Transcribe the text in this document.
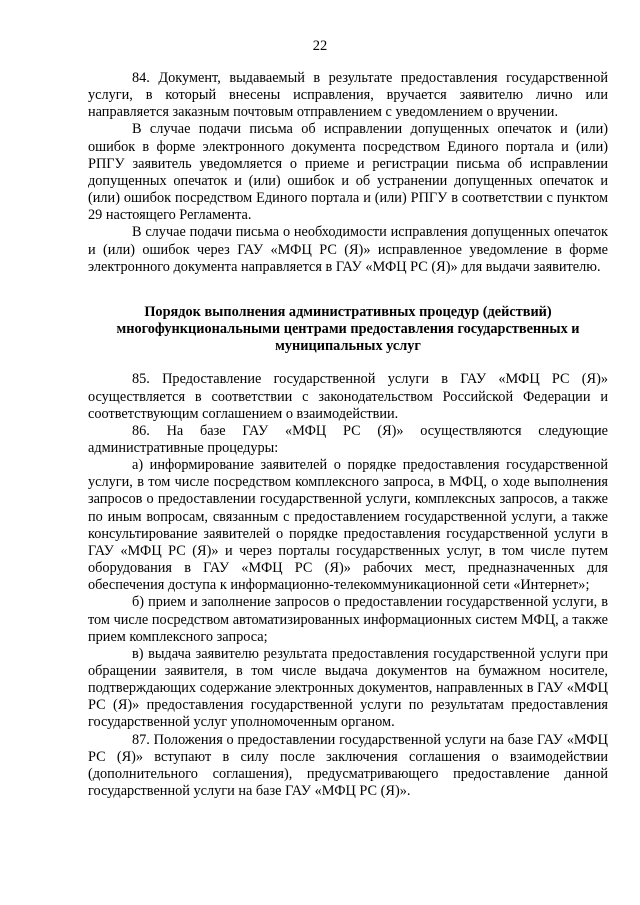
22

84. Документ, выдаваемый в результате предоставления государственной услуги, в который внесены исправления, вручается заявителю лично или направляется заказным почтовым отправлением с уведомлением о вручении.

В случае подачи письма об исправлении допущенных опечаток и (или) ошибок в форме электронного документа посредством Единого портала и (или) РПГУ заявитель уведомляется о приеме и регистрации письма об исправлении допущенных опечаток и (или) ошибок и об устранении допущенных опечаток и (или) ошибок посредством Единого портала и (или) РПГУ в соответствии с пунктом 29 настоящего Регламента.

В случае подачи письма о необходимости исправления допущенных опечаток и (или) ошибок через ГАУ «МФЦ РС (Я)» исправленное уведомление в форме электронного документа направляется в ГАУ «МФЦ РС (Я)» для выдачи заявителю.

Порядок выполнения административных процедур (действий) многофункциональными центрами предоставления государственных и муниципальных услуг

85. Предоставление государственной услуги в ГАУ «МФЦ РС (Я)» осуществляется в соответствии с законодательством Российской Федерации и соответствующим соглашением о взаимодействии.

86. На базе ГАУ «МФЦ РС (Я)» осуществляются следующие административные процедуры:

а) информирование заявителей о порядке предоставления государственной услуги, в том числе посредством комплексного запроса, в МФЦ, о ходе выполнения запросов о предоставлении государственной услуги, комплексных запросов, а также по иным вопросам, связанным с предоставлением государственной услуги, а также консультирование заявителей о порядке предоставления государственной услуги в ГАУ «МФЦ РС (Я)» и через порталы государственных услуг, в том числе путем оборудования в ГАУ «МФЦ РС (Я)» рабочих мест, предназначенных для обеспечения доступа к информационно-телекоммуникационной сети «Интернет»;

б) прием и заполнение запросов о предоставлении государственной услуги, в том числе посредством автоматизированных информационных систем МФЦ, а также прием комплексного запроса;

в) выдача заявителю результата предоставления государственной услуги при обращении заявителя, в том числе выдача документов на бумажном носителе, подтверждающих содержание электронных документов, направленных в ГАУ «МФЦ РС (Я)» предоставления государственной услуги по результатам предоставления государственной услуг уполномоченным органом.

87. Положения о предоставлении государственной услуги на базе ГАУ «МФЦ РС (Я)» вступают в силу после заключения соглашения о взаимодействии (дополнительного соглашения), предусматривающего предоставление данной государственной услуги на базе ГАУ «МФЦ РС (Я)».
